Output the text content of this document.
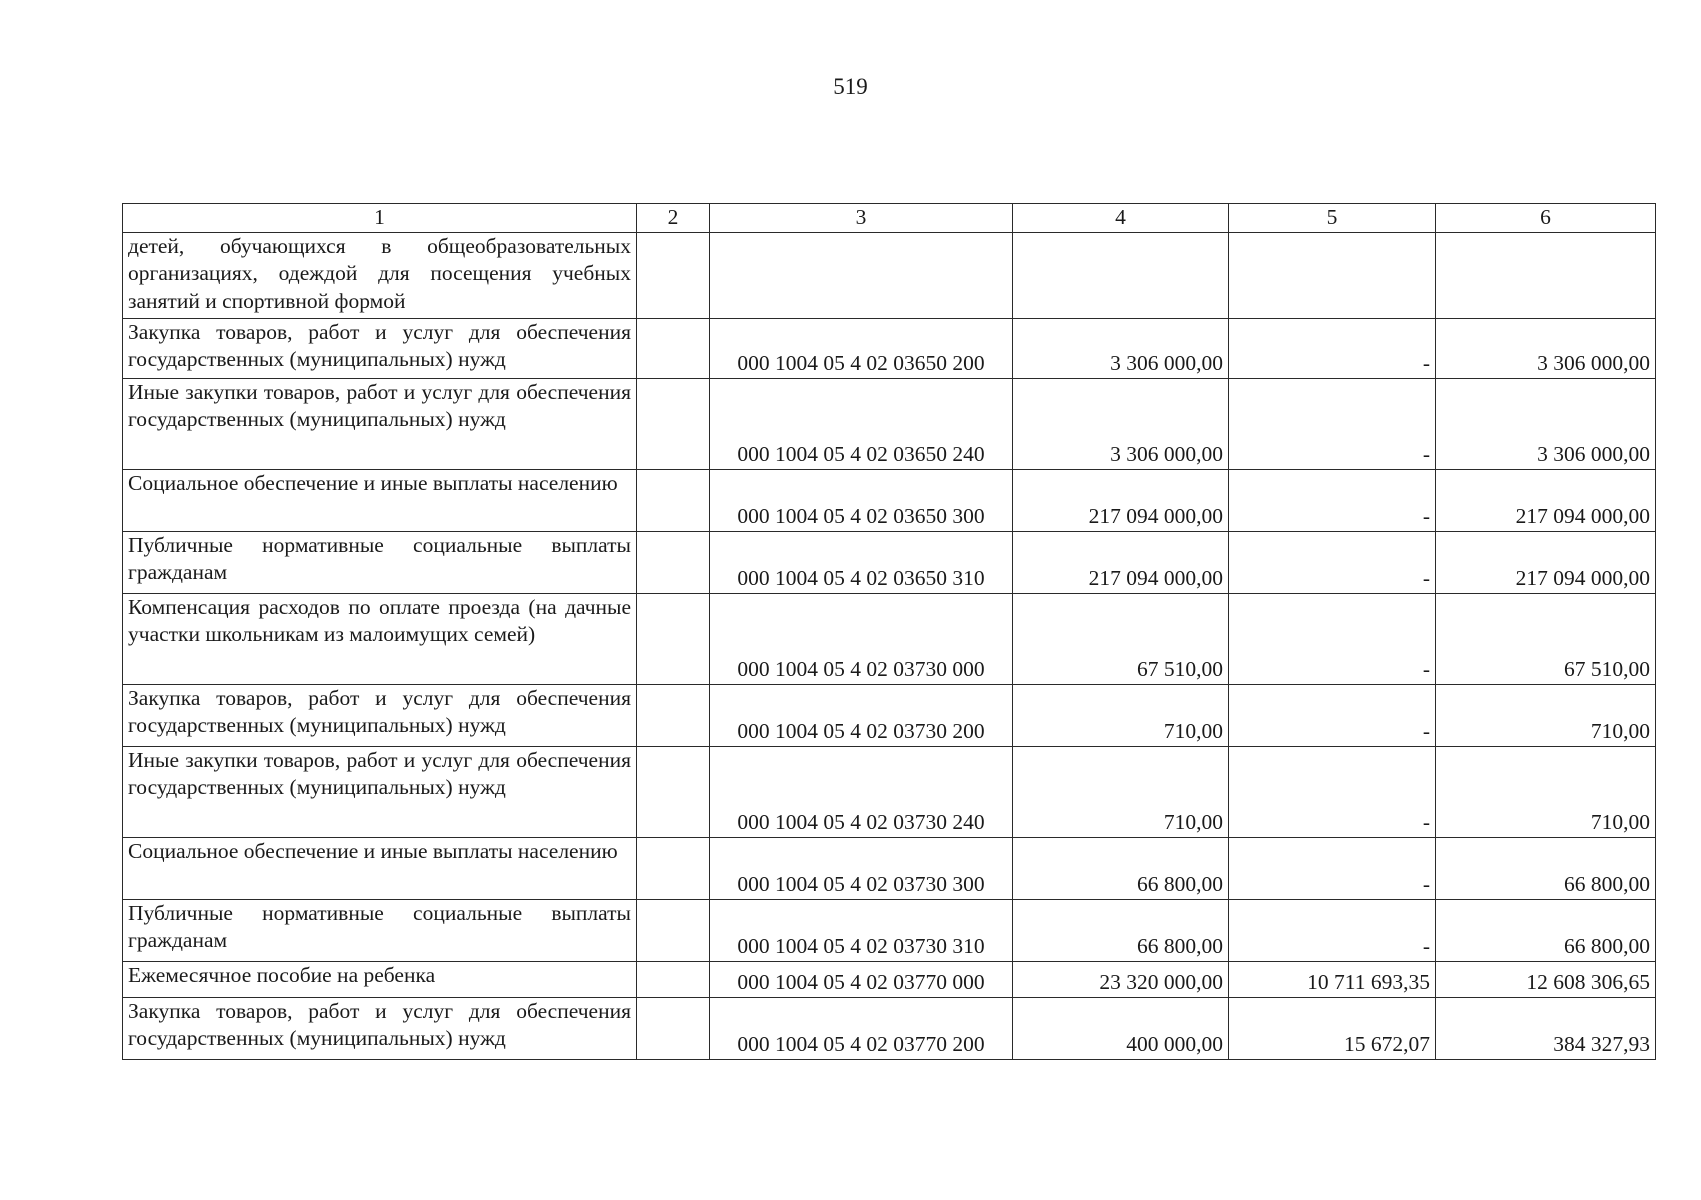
519
1	2	3	4	5	6
детей, обучающихся в общеобразовательных организациях, одеждой для посещения учебных занятий и спортивной формой					
Закупка товаров, работ и услуг для обеспечения государственных (муниципальных) нужд		000 1004 05 4 02 03650 200	3 306 000,00	-	3 306 000,00
Иные закупки товаров, работ и услуг для обеспечения государственных (муниципальных) нужд		000 1004 05 4 02 03650 240	3 306 000,00	-	3 306 000,00
Социальное обеспечение и иные выплаты населению		000 1004 05 4 02 03650 300	217 094 000,00	-	217 094 000,00
Публичные нормативные социальные выплаты гражданам		000 1004 05 4 02 03650 310	217 094 000,00	-	217 094 000,00
Компенсация расходов по оплате проезда (на дачные участки школьникам из малоимущих семей)		000 1004 05 4 02 03730 000	67 510,00	-	67 510,00
Закупка товаров, работ и услуг для обеспечения государственных (муниципальных) нужд		000 1004 05 4 02 03730 200	710,00	-	710,00
Иные закупки товаров, работ и услуг для обеспечения государственных (муниципальных) нужд		000 1004 05 4 02 03730 240	710,00	-	710,00
Социальное обеспечение и иные выплаты населению		000 1004 05 4 02 03730 300	66 800,00	-	66 800,00
Публичные нормативные социальные выплаты гражданам		000 1004 05 4 02 03730 310	66 800,00	-	66 800,00
Ежемесячное пособие на ребенка		000 1004 05 4 02 03770 000	23 320 000,00	10 711 693,35	12 608 306,65
Закупка товаров, работ и услуг для обеспечения государственных (муниципальных) нужд		000 1004 05 4 02 03770 200	400 000,00	15 672,07	384 327,93
